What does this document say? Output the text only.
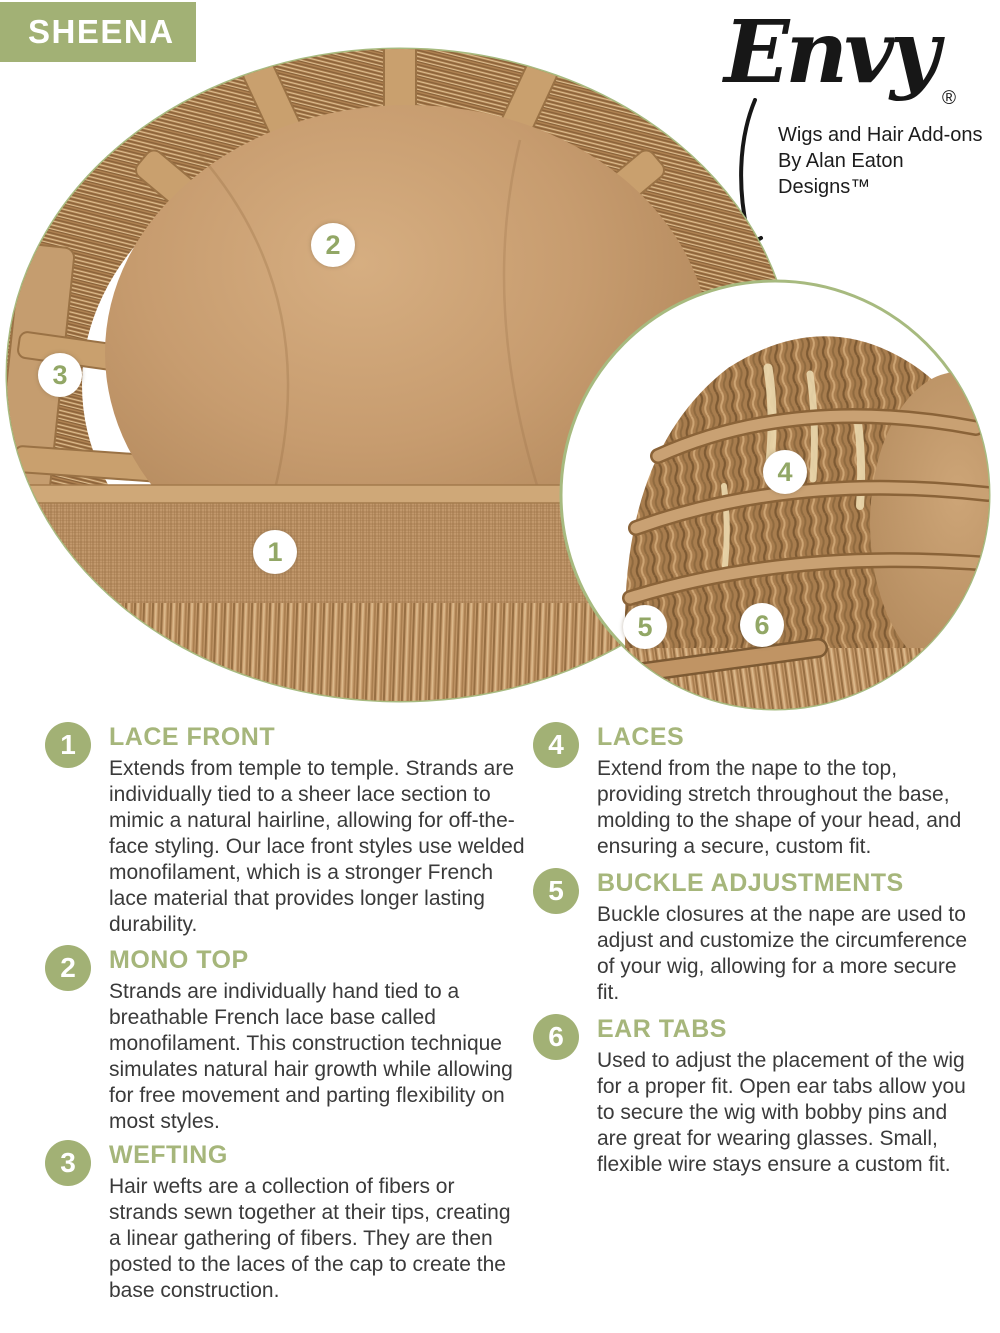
SHEENA	Envy $_®$
Wigs and Hair Add-ons
By Alan Eaton Designs™
1
2
3
4
5	6
1	LACE FRONT

Extends from temple to temple. Strands are individually tied to a sheer lace section to mimic a natural hairline, allowing for off-the-face styling. Our lace front styles use welded monofilament, which is a stronger French lace material that provides longer lasting durability.

2	MONO TOP

Strands are individually hand tied to a breathable French lace base called monofilament. This construction technique simulates natural hair growth while allowing for free movement and parting flexibility on most styles.

3	WEFTING

Hair wefts are a collection of fibers or strands sewn together at their tips, creating a linear gathering of fibers. They are then posted to the laces of the cap to create the base construction.

4	LACES

Extend from the nape to the top, providing stretch throughout the base, molding to the shape of your head, and ensuring a secure, custom fit.

5	BUCKLE ADJUSTMENTS

Buckle closures at the nape are used to adjust and customize the circumference of your wig, allowing for a more secure fit.

6	EAR TABS

Used to adjust the placement of the wig for a proper fit. Open ear tabs allow you to secure the wig with bobby pins and are great for wearing glasses. Small, flexible wire stays ensure a custom fit.
